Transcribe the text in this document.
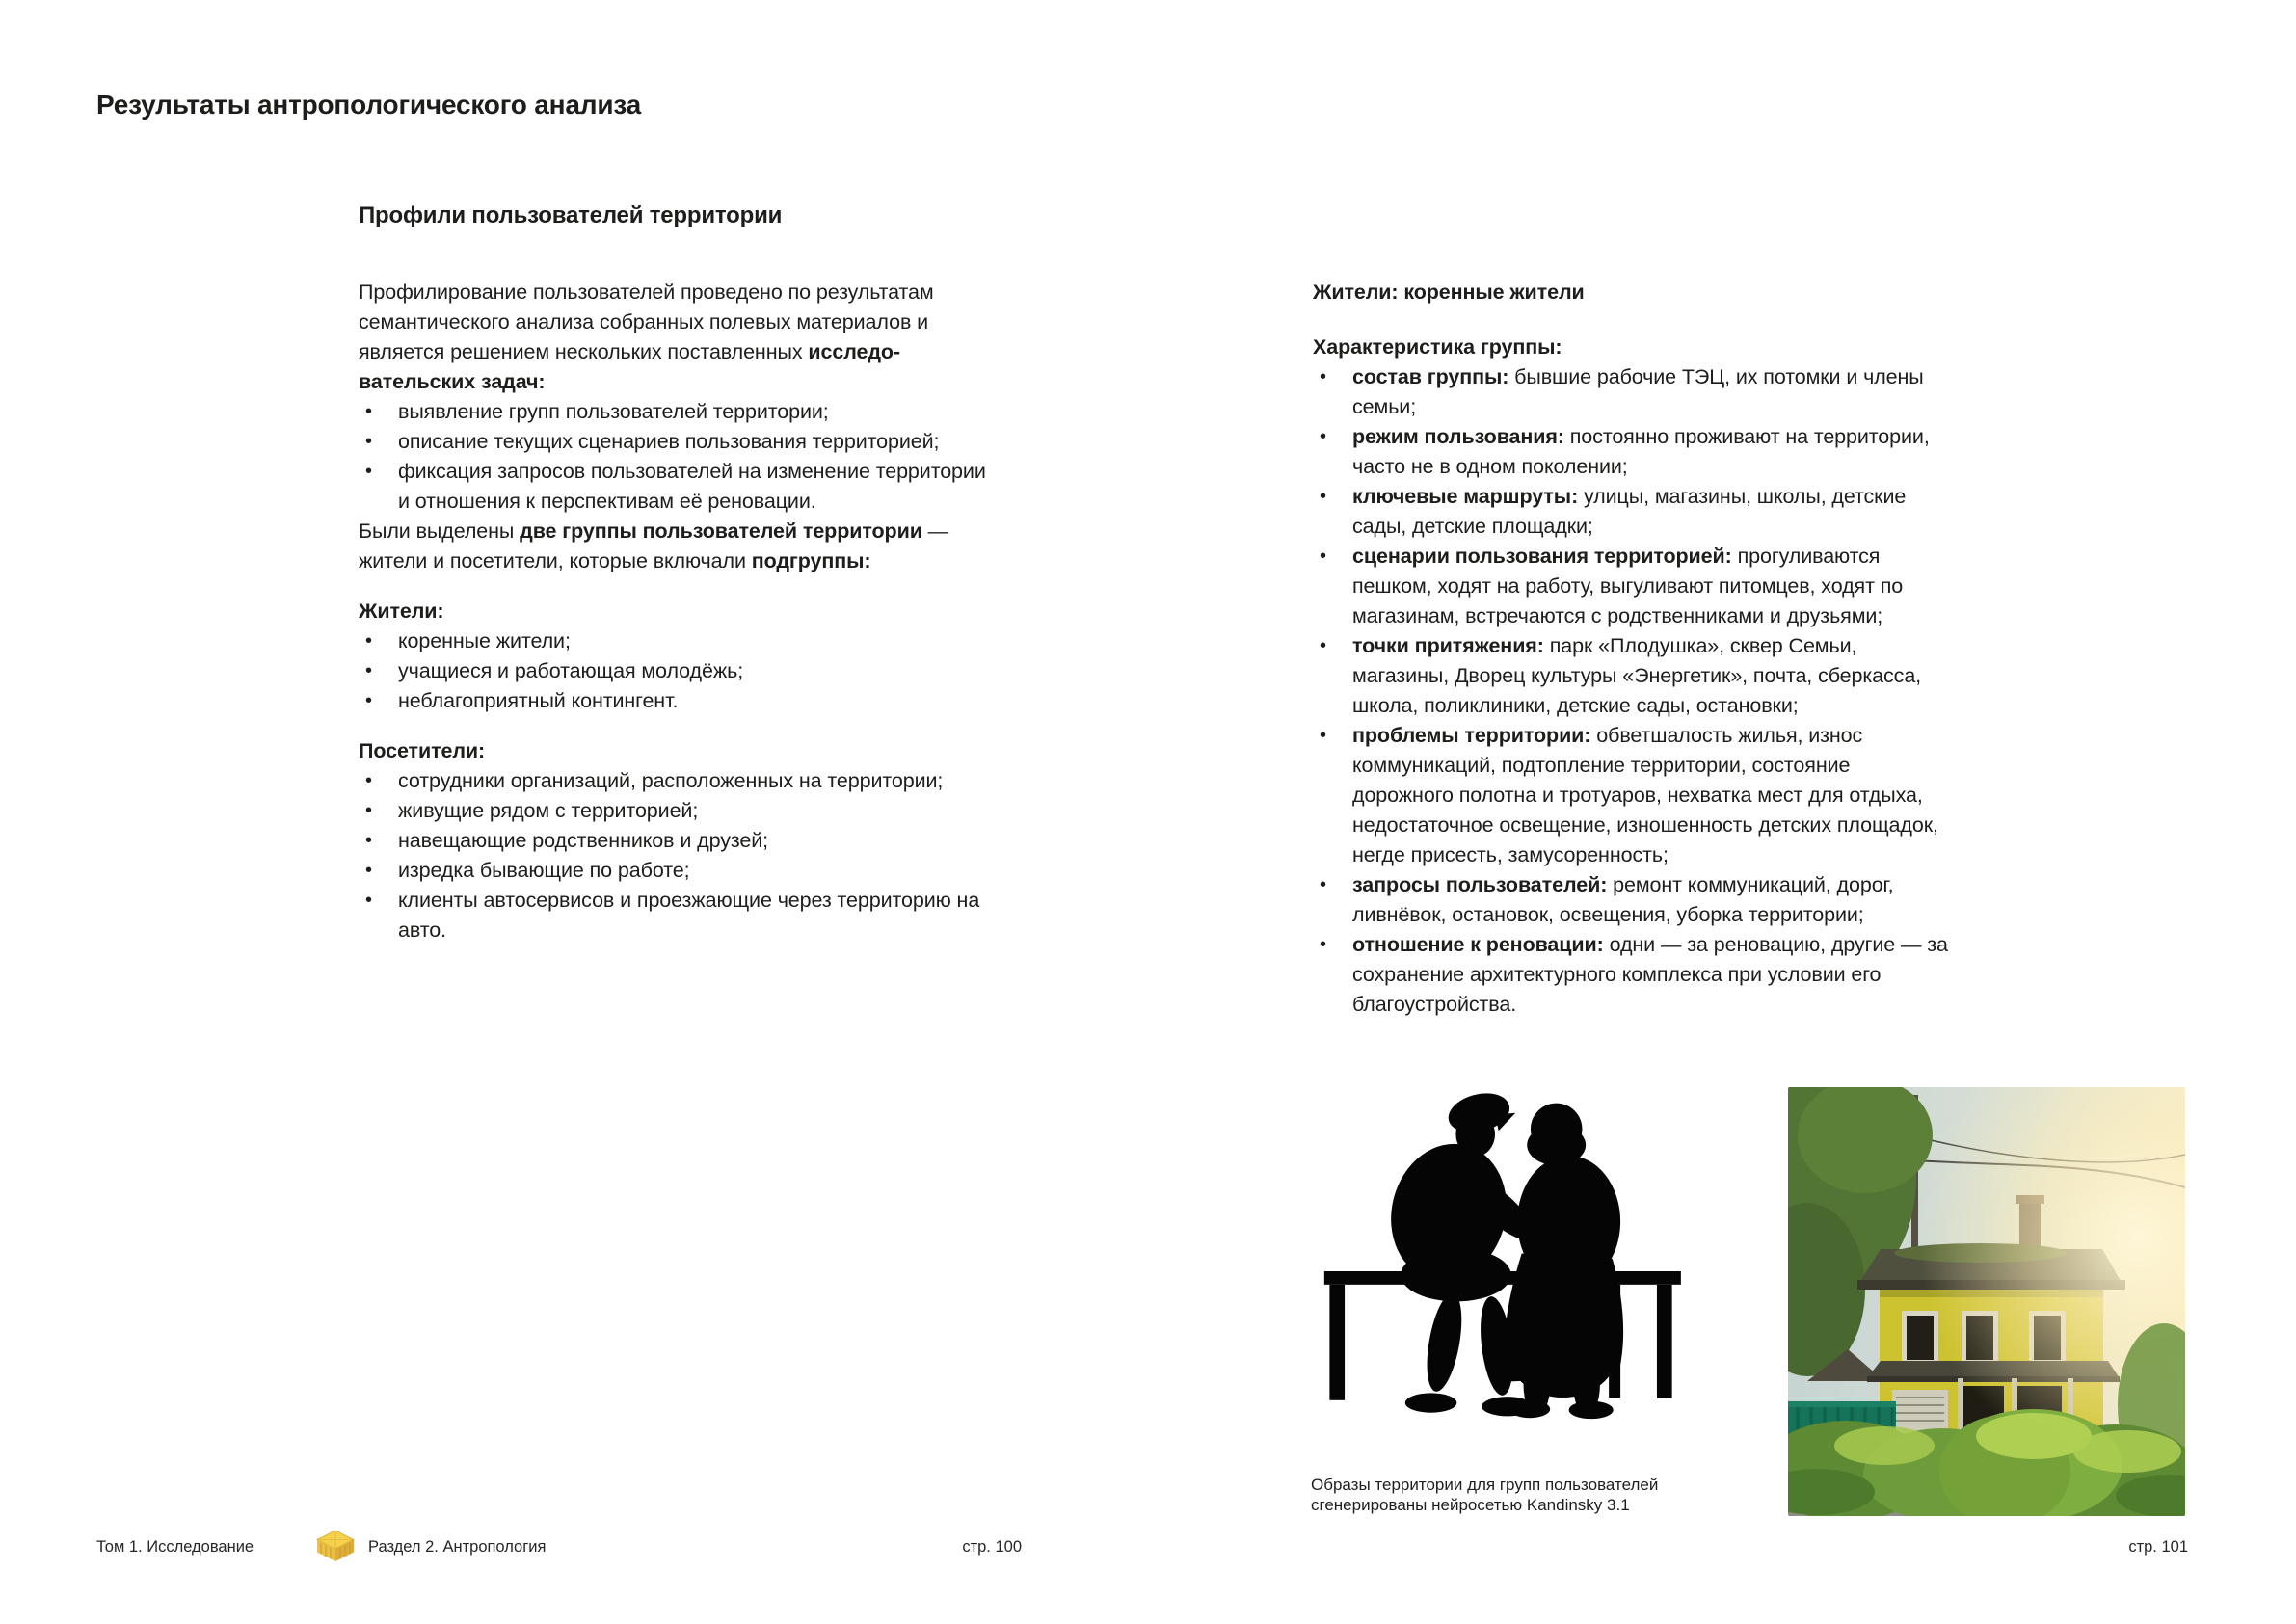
Результаты антропологического анализа
Профили пользователей территории

Профилирование пользователей проведено по результатам семантического анализа собранных полевых материалов и является решением нескольких поставленных исследовательских задач:

• выявление групп пользователей территории;
• описание текущих сценариев пользования территорией;
• фиксация запросов пользователей на изменение территории и отношения к перспективам её реновации.

Были выделены две группы пользователей территории — жители и посетители, которые включали подгруппы:

Жители:

• коренные жители;
• учащиеся и работающая молодёжь;
• неблагоприятный контингент.

Посетители:

• сотрудники организаций, расположенных на территории;
• живущие рядом с территорией;
• навещающие родственников и друзей;
• изредка бывающие по работе;
• клиенты автосервисов и проезжающие через территорию на авто.

Жители: коренные жители

Характеристика группы:

• состав группы: бывшие рабочие ТЭЦ, их потомки и члены семьи;
• режим пользования: постоянно проживают на территории, часто не в одном поколении;
• ключевые маршруты: улицы, магазины, школы, детские сады, детские площадки;
• сценарии пользования территорией: прогуливаются пешком, ходят на работу, выгуливают питомцев, ходят по магазинам, встречаются с родственниками и друзьями;
• точки притяжения: парк «Плодушка», сквер Семьи, магазины, Дворец культуры «Энергетик», почта, сберкасса, школа, поликлиники, детские сады, остановки;
• проблемы территории: обветшалость жилья, износ коммуникаций, подтопление территории, состояние дорожного полотна и тротуаров, нехватка мест для отдыха, недостаточное освещение, изношенность детских площадок, негде присесть, замусоренность;
• запросы пользователей: ремонт коммуникаций, дорог, ливнёвок, остановок, освещения, уборка территории;
• отношение к реновации: одни — за реновацию, другие — за сохранение архитектурного комплекса при условии его благоустройства.
Образы территории для групп пользователей сгенерированы нейросетью Kandinsky 3.1
Том 1. Исследование	Раздел 2. Антропология	стр. 100	стр. 101
